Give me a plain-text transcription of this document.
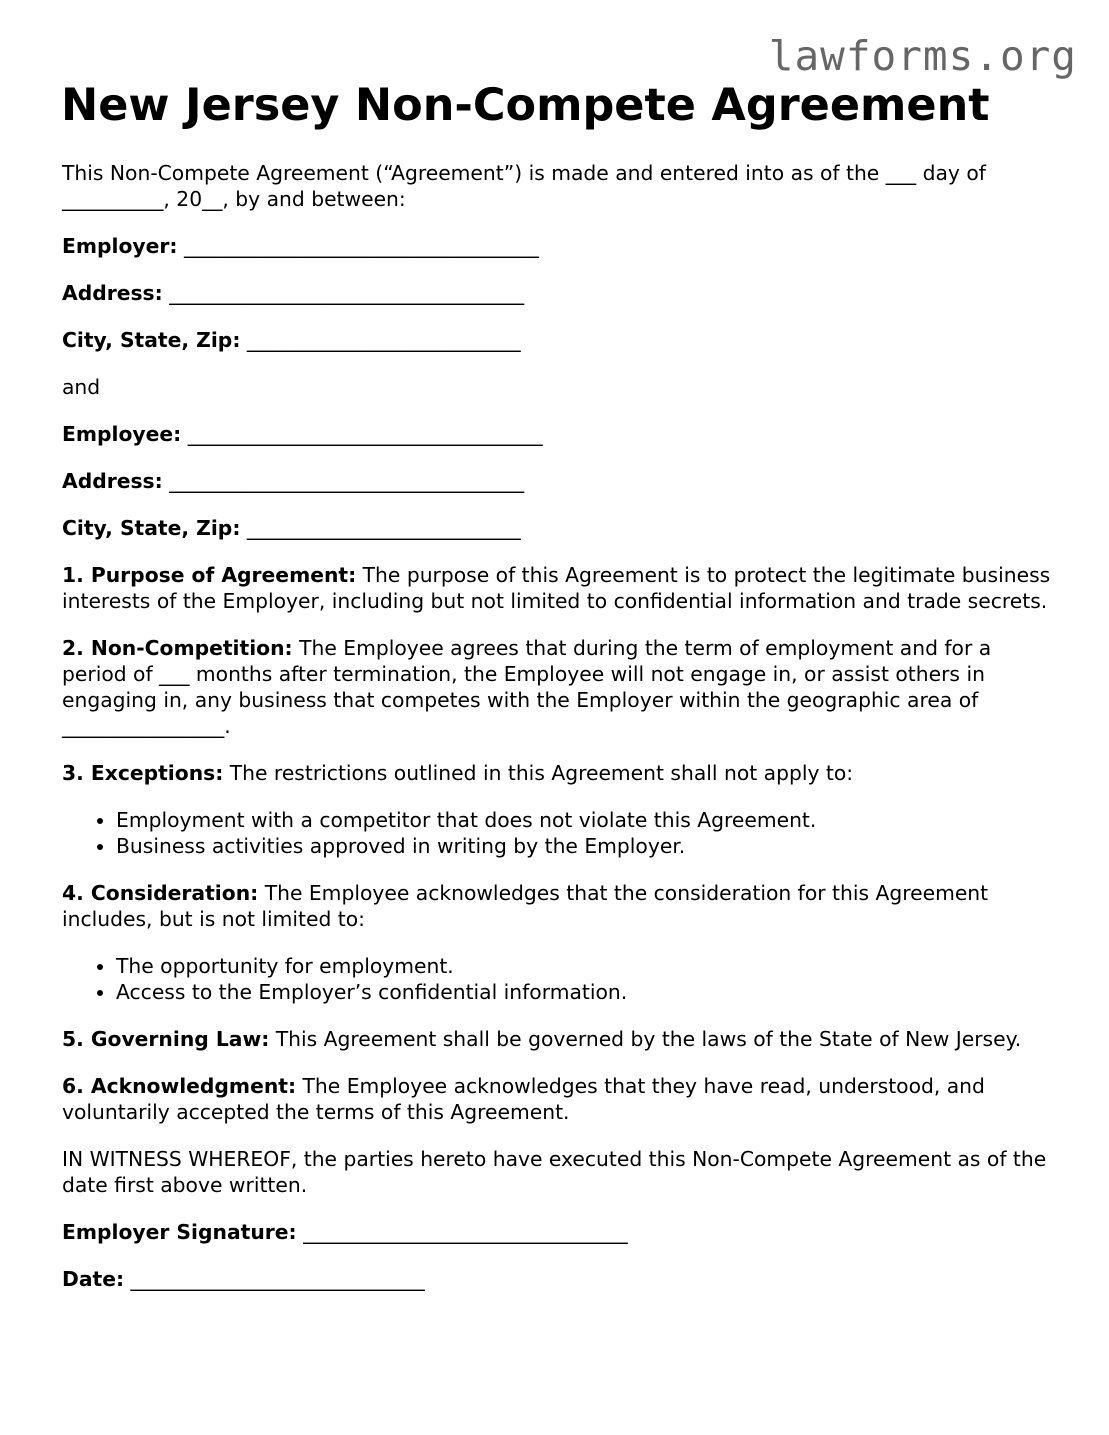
lawforms.org
New Jersey Non-Compete Agreement

This Non-Compete Agreement (“Agreement”) is made and entered into as of the ___ day of __________, 20__, by and between:

Employer: ___________________________________

Address: ___________________________________

City, State, Zip: ___________________________

and

Employee: ___________________________________

Address: ___________________________________

City, State, Zip: ___________________________

1. Purpose of Agreement: The purpose of this Agreement is to protect the legitimate business interests of the Employer, including but not limited to confidential information and trade secrets.

2. Non-Competition: The Employee agrees that during the term of employment and for a period of ___ months after termination, the Employee will not engage in, or assist others in engaging in, any business that competes with the Employer within the geographic area of ________________.

3. Exceptions: The restrictions outlined in this Agreement shall not apply to:

• Employment with a competitor that does not violate this Agreement.
• Business activities approved in writing by the Employer.

4. Consideration: The Employee acknowledges that the consideration for this Agreement includes, but is not limited to:

• The opportunity for employment.
• Access to the Employer’s confidential information.

5. Governing Law: This Agreement shall be governed by the laws of the State of New Jersey.

6. Acknowledgment: The Employee acknowledges that they have read, understood, and voluntarily accepted the terms of this Agreement.

IN WITNESS WHEREOF, the parties hereto have executed this Non-Compete Agreement as of the date first above written.

Employer Signature: ________________________________

Date: _____________________________
